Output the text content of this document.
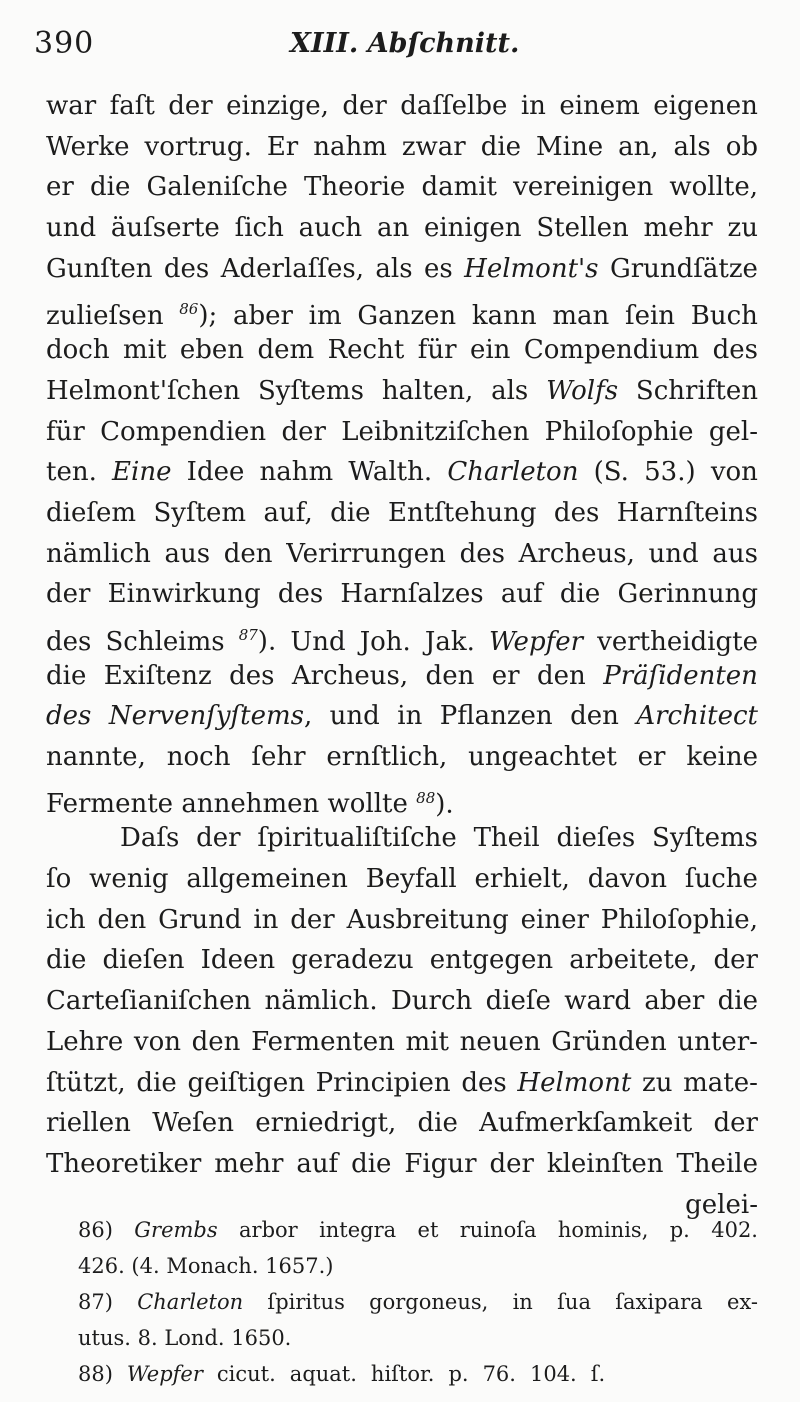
390	XIII. Abſchnitt.
war faſt der einzige, der daſſelbe in einem eigenen
Werke vortrug. Er nahm zwar die Mine an, als ob
er die Galeniſche Theorie damit vereinigen wollte,
und äuſserte ſich auch an einigen Stellen mehr zu
Gunſten des Aderlaſſes, als es Helmont's Grundſätze
zulieſsen $^{86}$); aber im Ganzen kann man ſein Buch
doch mit eben dem Recht für ein Compendium des
Helmont'ſchen Syſtems halten, als Wolfs Schriften
für Compendien der Leibnitziſchen Philoſophie gel-
ten. Eine Idee nahm Walth. Charleton (S. 53.) von
dieſem Syſtem auf, die Entſtehung des Harnſteins
nämlich aus den Verirrungen des Archeus, und aus
der Einwirkung des Harnſalzes auf die Gerinnung
des Schleims $^{87}$). Und Joh. Jak. Wepfer vertheidigte
die Exiſtenz des Archeus, den er den Präſidenten
des Nervenſyſtems, und in Pflanzen den Architect
nannte, noch ſehr ernſtlich, ungeachtet er keine
Fermente
annehmen
wollte
$^{88}$).

Daſs der ſpiritualiſtiſche Theil dieſes Syſtems
ſo wenig allgemeinen Beyfall erhielt, davon ſuche
ich den Grund in der Ausbreitung einer Philoſophie,
die dieſen Ideen geradezu entgegen arbeitete, der
Carteſianiſchen nämlich. Durch dieſe ward aber die
Lehre von den Fermenten mit neuen Gründen unter-
ſtützt, die geiſtigen Principien des Helmont zu mate-
riellen Weſen erniedrigt, die Aufmerkſamkeit der
Theoretiker mehr auf die Figur der kleinſten Theile
gelei-
86) Grembs arbor integra et ruinoſa hominis, p. 402.
426. (4. Monach. 1657.)
87) Charleton ſpiritus gorgoneus, in ſua ſaxipara ex-
utus. 8. Lond. 1650.
88) Wepfer cicut. aquat. hiſtor. p. 76. 104. ſ.
